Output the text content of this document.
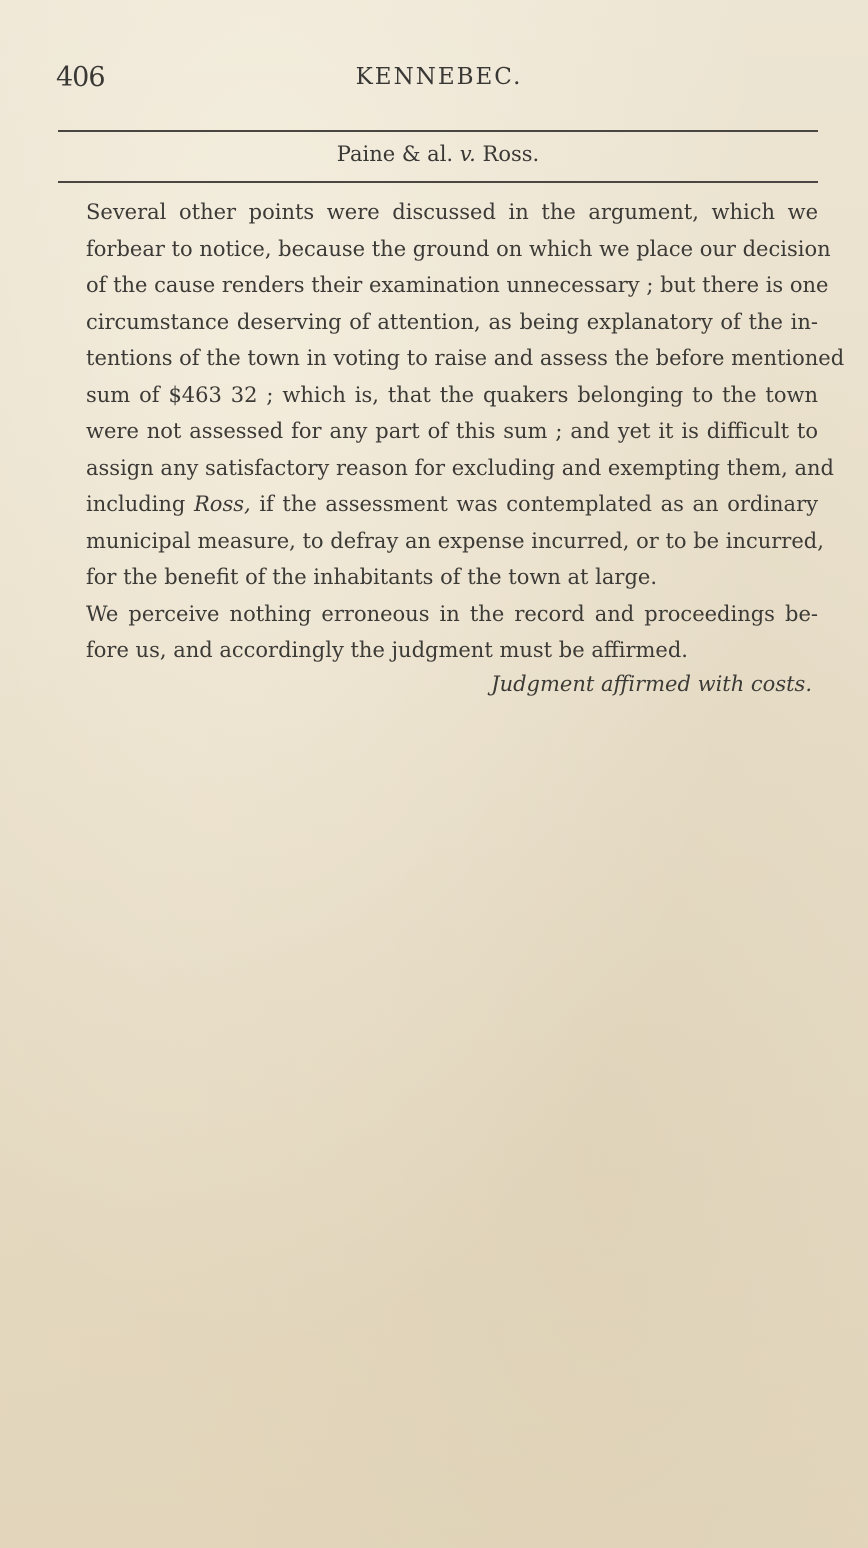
406	KENNEBEC.
Paine & al. v. Ross.

Several other points were discussed in the argument, which we
forbear to notice, because the ground on which we place our decision
of the cause renders their examination unnecessary ; but there is one
circumstance deserving of attention, as being explanatory of the in-
tentions of the town in voting to raise and assess the before mentioned
sum of $463 32 ; which is, that the quakers belonging to the town
were not assessed for any part of this sum ; and yet it is difficult to
assign any satisfactory reason for excluding and exempting them, and
including Ross, if the assessment was contemplated as an ordinary
municipal measure, to defray an expense incurred, or to be incurred,
for the benefit of the inhabitants of the town at large.

We perceive nothing erroneous in the record and proceedings be-
fore us, and accordingly the judgment must be affirmed.

Judgment affirmed with costs.
